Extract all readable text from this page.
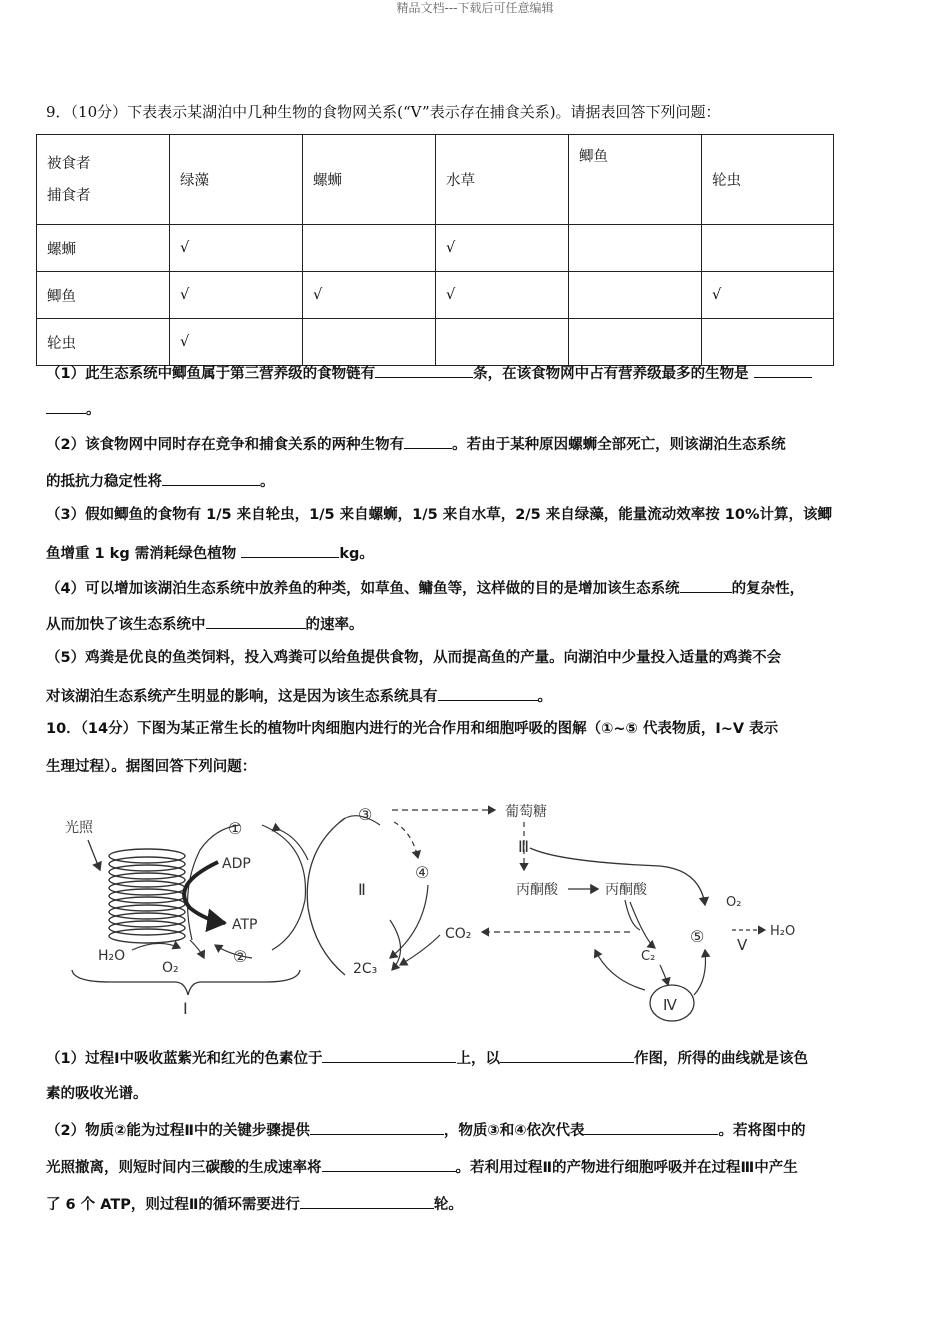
精品文档---下载后可任意编辑
9．（10分）下表表示某湖泊中几种生物的食物网关系(“V”表示存在捕食关系)。请据表回答下列问题：
被食者
捕食者	绿藻	螺蛳	水草	鲫鱼	轮虫
螺蛳	√		√		
鲫鱼	√	√	√		√
轮虫	√				
（1）此生态系统中鲫鱼属于第三营养级的食物链有	条，在该食物网中占有营养级最多的生物是
。
（2）该食物网中同时存在竞争和捕食关系的两种生物有	。若由于某种原因螺蛳全部死亡，则该湖泊生态系统
的抵抗力稳定性将	。
（3）假如鲫鱼的食物有 1/5 来自轮虫，1/5 来自螺蛳，1/5 来自水草，2/5 来自绿藻，能量流动效率按 10%计算，该鲫
鱼增重 1 kg 需消耗绿色植物	kg。
（4）可以增加该湖泊生态系统中放养鱼的种类，如草鱼、鳙鱼等，这样做的目的是增加该生态系统	的复杂性，
从而加快了该生态系统中	的速率。
（5）鸡粪是优良的鱼类饲料，投入鸡粪可以给鱼提供食物，从而提高鱼的产量。向湖泊中少量投入适量的鸡粪不会
对该湖泊生态系统产生明显的影响，这是因为该生态系统具有	。
10．（14分）下图为某正常生长的植物叶肉细胞内进行的光合作用和细胞呼吸的图解（①~⑤ 代表物质，Ⅰ~V 表示
生理过程）。据图回答下列问题：
光照
H₂O
O₂
①
②
ADP
ATP
Ⅰ
③
④
Ⅱ
2C₃
葡萄糖
Ⅲ
丙酮酸	丙酮酸
CO₂
C₂
Ⅳ
⑤
O₂
Ⅴ
H₂O
（1）过程Ⅰ中吸收蓝紫光和红光的色素位于	上，以	作图，所得的曲线就是该色
素的吸收光谱。
（2）物质②能为过程Ⅱ中的关键步骤提供	，物质③和④依次代表	。若将图中的
光照撤离，则短时间内三碳酸的生成速率将	。若利用过程Ⅱ的产物进行细胞呼吸并在过程Ⅲ中产生
了 6 个 ATP，则过程Ⅱ的循环需要进行	轮。
